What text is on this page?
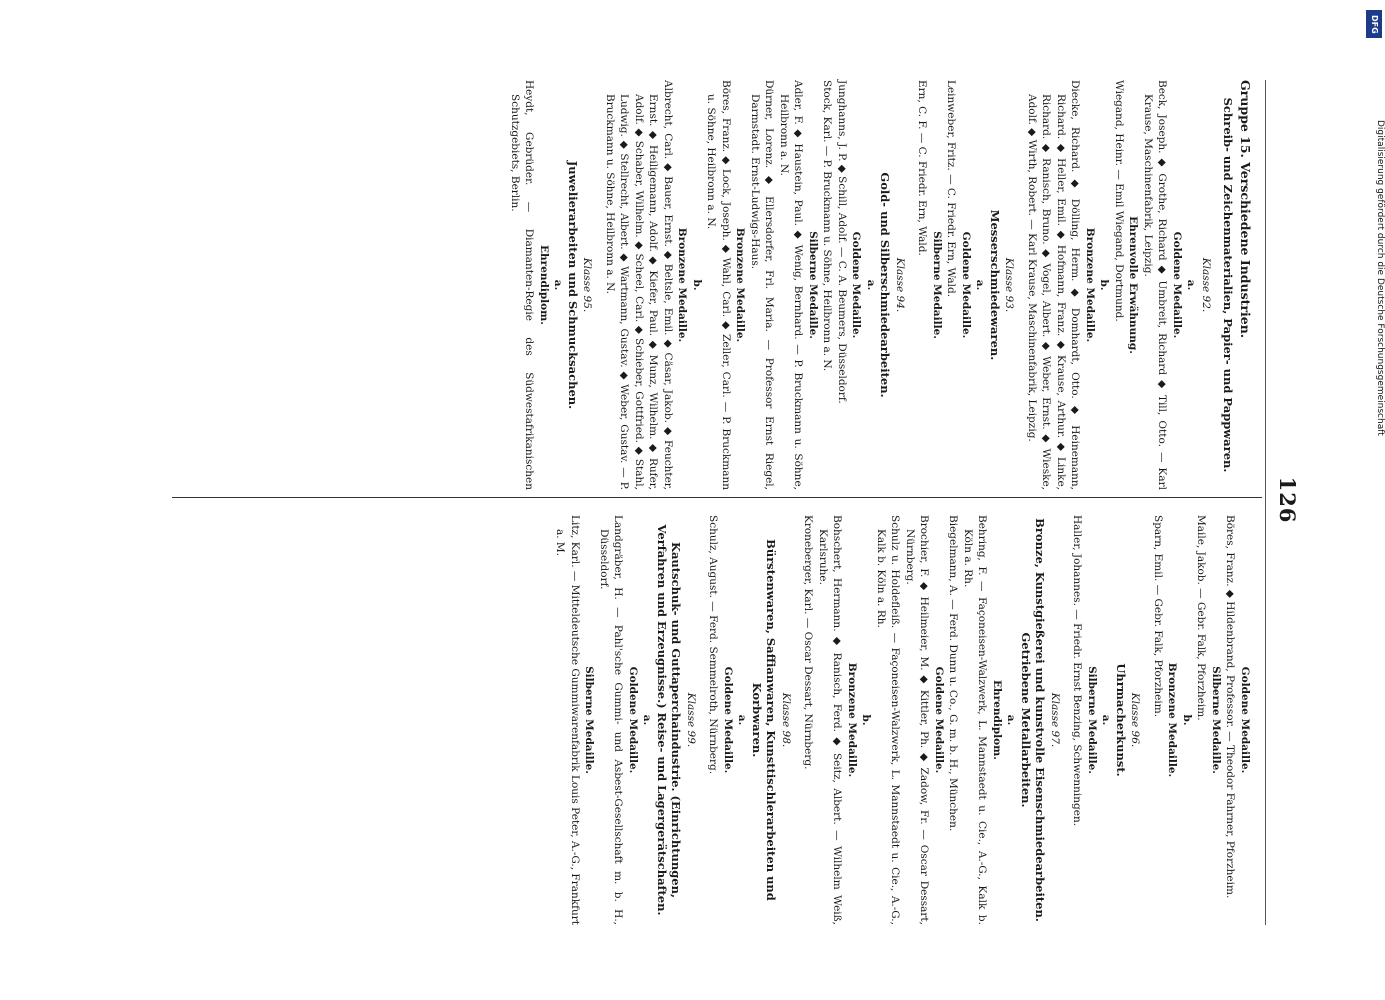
126
Gruppe 15. Verschiedene Industrien.
Schreib- und Zeichenmaterialien, Papier- und Pappwaren.
Klasse 92.
a.
Goldene Medaille.
Beck, Joseph. ◆ Grothe, Richard ◆ Umbreit, Richard ◆ Till, Otto. — Karl Krause, Maschinenfabrik, Leipzig.
Ehrenvolle Erwähnung.
Wiegand, Heinr. — Emil Wiegand, Dortmund.
b.
Bronzene Medaille.
Diecke, Richard. ◆ Dölling, Herm. ◆ Domhardt, Otto. ◆ Heinemann, Richard. ◆ Heller, Emil. ◆ Hofmann, Franz. ◆ Krause, Arthur. ◆ Linke, Richard. ◆ Ranisch, Bruno. ◆ Vogel, Albert. ◆ Weber, Ernst. ◆ Wieske, Adolf. ◆ Wirth, Robert. — Karl Krause, Maschinenfabrik, Leipzig.
Klasse 93.
Messerschmiedewaren.
a.
Goldene Medaille.
Leinweber, Fritz. — C. Friedr. Ern, Wald.
Silberne Medaille.
Ern, C. F. — C. Friedr. Ern, Wald.
Klasse 94.
Gold- und Silberschmiedearbeiten.
a.
Goldene Medaille.
Junghanns, J. P. ◆ Schill, Adolf. — C. A. Beumers, Düsseldorf.
Stock, Karl. — P. Bruckmann u. Söhne, Heilbronn a. N.
Silberne Medaille.
Adler, F. ◆ Haustein, Paul. ◆ Wenig, Bernhard. — P. Bruckmann u. Söhne, Heilbronn a. N.
Dürner, Lorenz. ◆ Ellersdorfer, Frl. Maria. — Professor Ernst Riegel, Darmstadt. Ernst-Ludwigs-Haus.
Bronzene Medaille.
Böres, Franz. ◆ Lock, Joseph. ◆ Wahl, Carl. ◆ Zeller, Carl. — P. Bruckmann u. Söhne, Heilbronn a. N.
b.
Bronzene Medaille.
Albrecht, Carl. ◆ Bauer, Ernst. ◆ Beltsle, Emil. ◆ Cäsar, Jakob. ◆ Feuchter, Ernst. ◆ Heiligemann, Adolf. ◆ Kiefer, Paul. ◆ Munz, Wilhelm. ◆ Rufer, Adolf. ◆ Schaber, Wilhelm. ◆ Scheel, Carl. ◆ Schieber, Gottfried. ◆ Stahl, Ludwig. ◆ Stellrecht, Albert. ◆ Wartmann, Gustav. ◆ Weber, Gustav. — P. Bruckmann u. Söhne, Heilbronn a. N.
Klasse 95.
Juwelierarbeiten und Schmucksachen.
a.
Ehrendiplom.
Heydt, Gebrüder. — Diamanten-Regie des Südwestafrikanischen Schutzgebiets, Berlin.
Goldene Medaille.
Böres, Franz. ◆ Hildenbrand, Professor. — Theodor Fahrner, Pforzheim.
Silberne Medaille.
Maile, Jakob. — Gebr. Falk, Pforzheim.
b.
Bronzene Medaille.
Sparn, Emil. — Gebr. Falk, Pforzheim.
Klasse 96.
Uhrmacherkunst.
a.
Silberne Medaille.
Haller, Johannes. — Friedr. Ernst Benzing, Schwenningen.
Klasse 97.
Bronze, Kunstgießerei und kunstvolle Eisenschmiedearbeiten. Getriebene Metallarbeiten.
a.
Ehrendiplom.
Behring, F. — Façoneisen-Walzwerk, L. Mannstaedt u. Cie., A.-G., Kalk b. Köln a. Rh.
Biegelmann, A. — Ferd. Dunn u. Co., G. m. b. H., München.
Goldene Medaille.
Brochier, F. ◆ Heilmeier, M. ◆ Kittler, Ph. ◆ Zadow, Fr. — Oscar Dessart, Nürnberg.
Schulz u. Holdefleiß. — Façoneisen-Walzwerk, L. Mannstaedt u. Cie., A.-G., Kalk b. Köln a. Rh.
b.
Bronzene Medaille.
Bohschert, Hermann. ◆ Ranisch, Ferd. ◆ Seitz, Albert. — Wilhelm Weiß, Karlsruhe.
Kroneberger, Karl. — Oscar Dessart, Nürnberg.
Klasse 98.
Bürstenwaren, Saffianwaren, Kunsttischlerarbeiten und Korbwaren.
a.
Goldene Medaille.
Schulz, August. — Ferd. Semmelroth, Nürnberg.
Klasse 99.
Kautschuk- und Guttaperchaindustrie. (Einrichtungen, Verfahren und Erzeugnisse.) Reise- und Lagergerätschaften.
a.
Goldene Medaille.
Landgräber, H. — Pahl'sche Gummi- und Asbest-Gesellschaft m. b. H., Düsseldorf.
Silberne Medaille.
Litz, Karl. — Mitteldeutsche Gummiwarenfabrik Louis Peter, A.-G., Frankfurt a. M.
DFG
Digitalisierung gefördert durch die Deutsche Forschungsgemeinschaft
